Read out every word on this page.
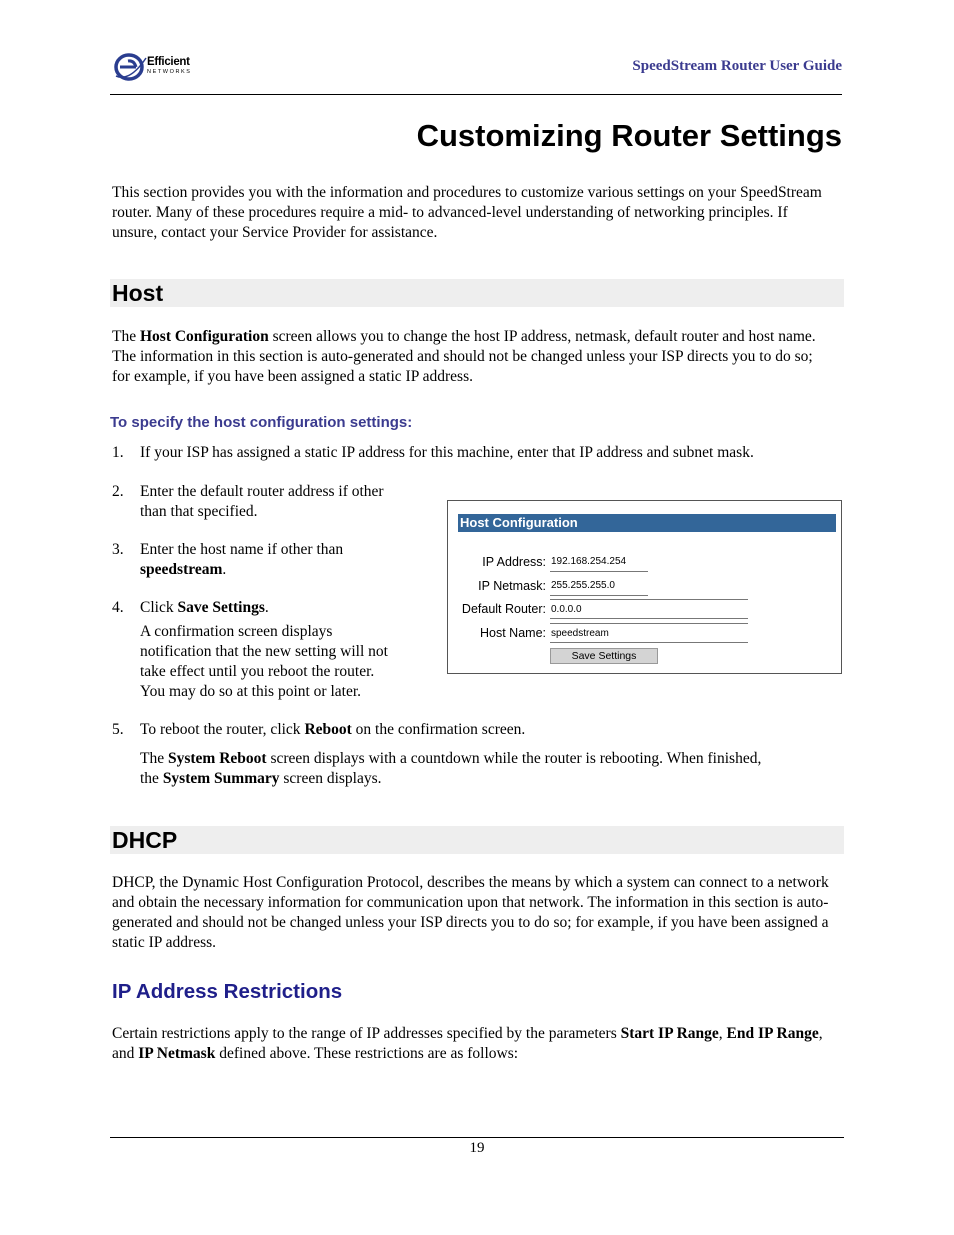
Efficient
NETWORKS	SpeedStream Router User Guide
Customizing Router Settings
This section provides you with the information and procedures to customize various settings on your SpeedStream router. Many of these procedures require a mid- to advanced-level understanding of networking principles. If unsure, contact your Service Provider for assistance.
Host
The Host Configuration screen allows you to change the host IP address, netmask, default router and host name. The information in this section is auto-generated and should not be changed unless your ISP directs you to do so; for example, if you have been assigned a static IP address.
To specify the host configuration settings:
1. If your ISP has assigned a static IP address for this machine, enter that IP address and subnet mask.
2. Enter the default router address if other
than that specified.
3. Enter the host name if other than
speedstream.
4. Click Save Settings.
A confirmation screen displays
notification that the new setting will not
take effect until you reboot the router.
You may do so at this point or later.
Host Configuration
IP Address:
192.168.254.254
IP Netmask:
255.255.255.0
Default Router:
0.0.0.0
Host Name:
speedstream
Save Settings
5. To reboot the router, click Reboot on the confirmation screen.
The System Reboot screen displays with a countdown while the router is rebooting. When finished,
the System Summary screen displays.
DHCP
DHCP, the Dynamic Host Configuration Protocol, describes the means by which a system can connect to a network and obtain the necessary information for communication upon that network. The information in this section is auto-generated and should not be changed unless your ISP directs you to do so; for example, if you have been assigned a static IP address.
IP Address Restrictions
Certain restrictions apply to the range of IP addresses specified by the parameters Start IP Range, End IP Range, and IP Netmask defined above. These restrictions are as follows:
19
